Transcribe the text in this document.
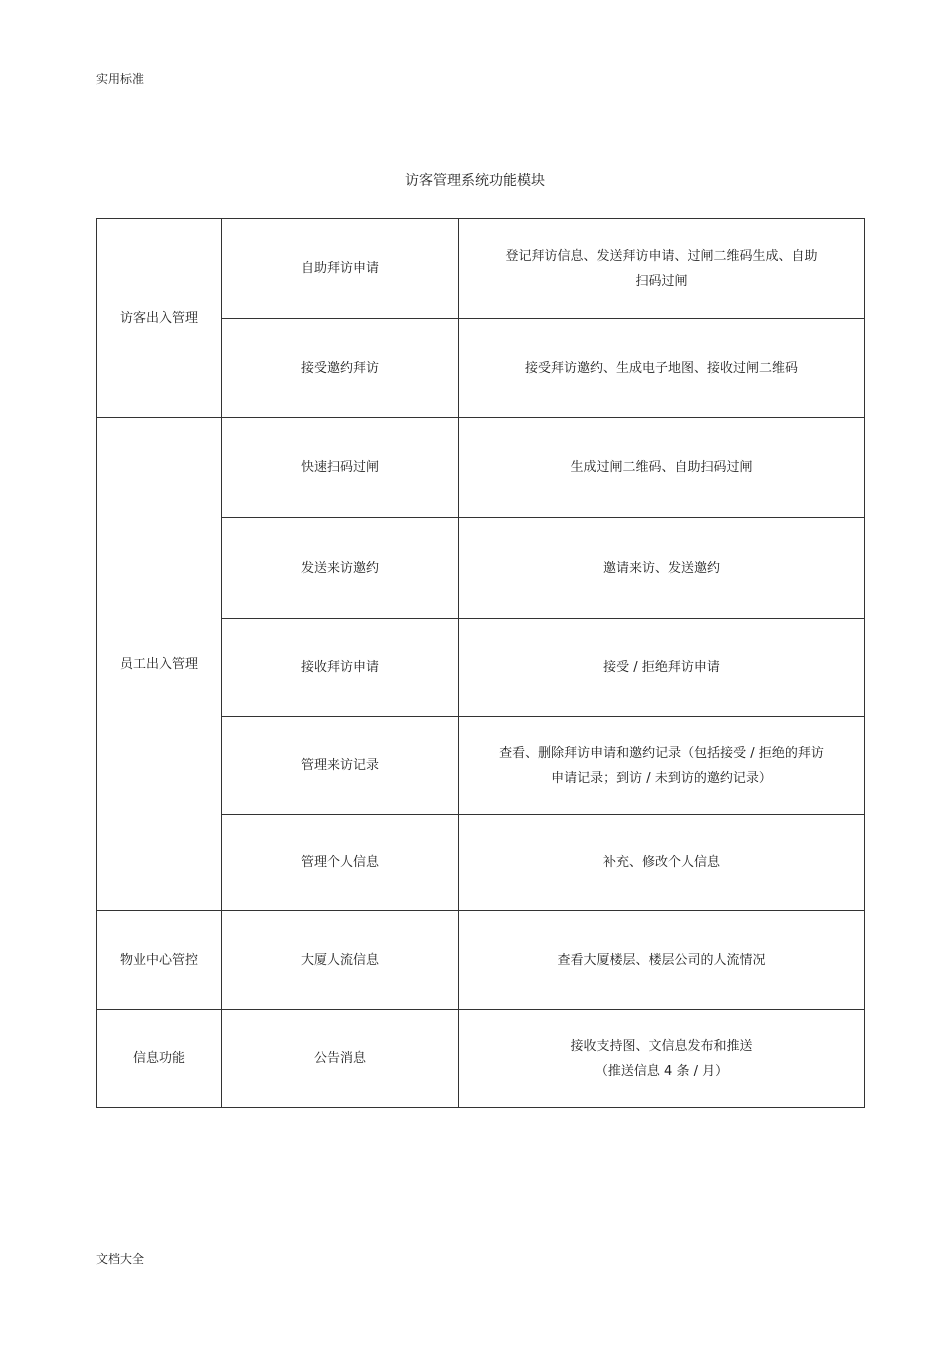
实用标准
访客管理系统功能模块
访客出入管理	自助拜访申请	登记拜访信息、发送拜访申请、过闸二维码生成、自助
扫码过闸

	接受邀约拜访	接受拜访邀约、生成电子地图、接收过闸二维码

员工出入管理	快速扫码过闸	生成过闸二维码、自助扫码过闸

	发送来访邀约	邀请来访、发送邀约

	接收拜访申请	接受 / 拒绝拜访申请

	管理来访记录	查看、删除拜访申请和邀约记录（包括接受 / 拒绝的拜访
申请记录；到访 / 未到访的邀约记录）

	管理个人信息	补充、修改个人信息

物业中心管控	大厦人流信息	查看大厦楼层、楼层公司的人流情况

信息功能	公告消息	接收支持图、文信息发布和推送
（推送信息 4 条 / 月）
文档大全
